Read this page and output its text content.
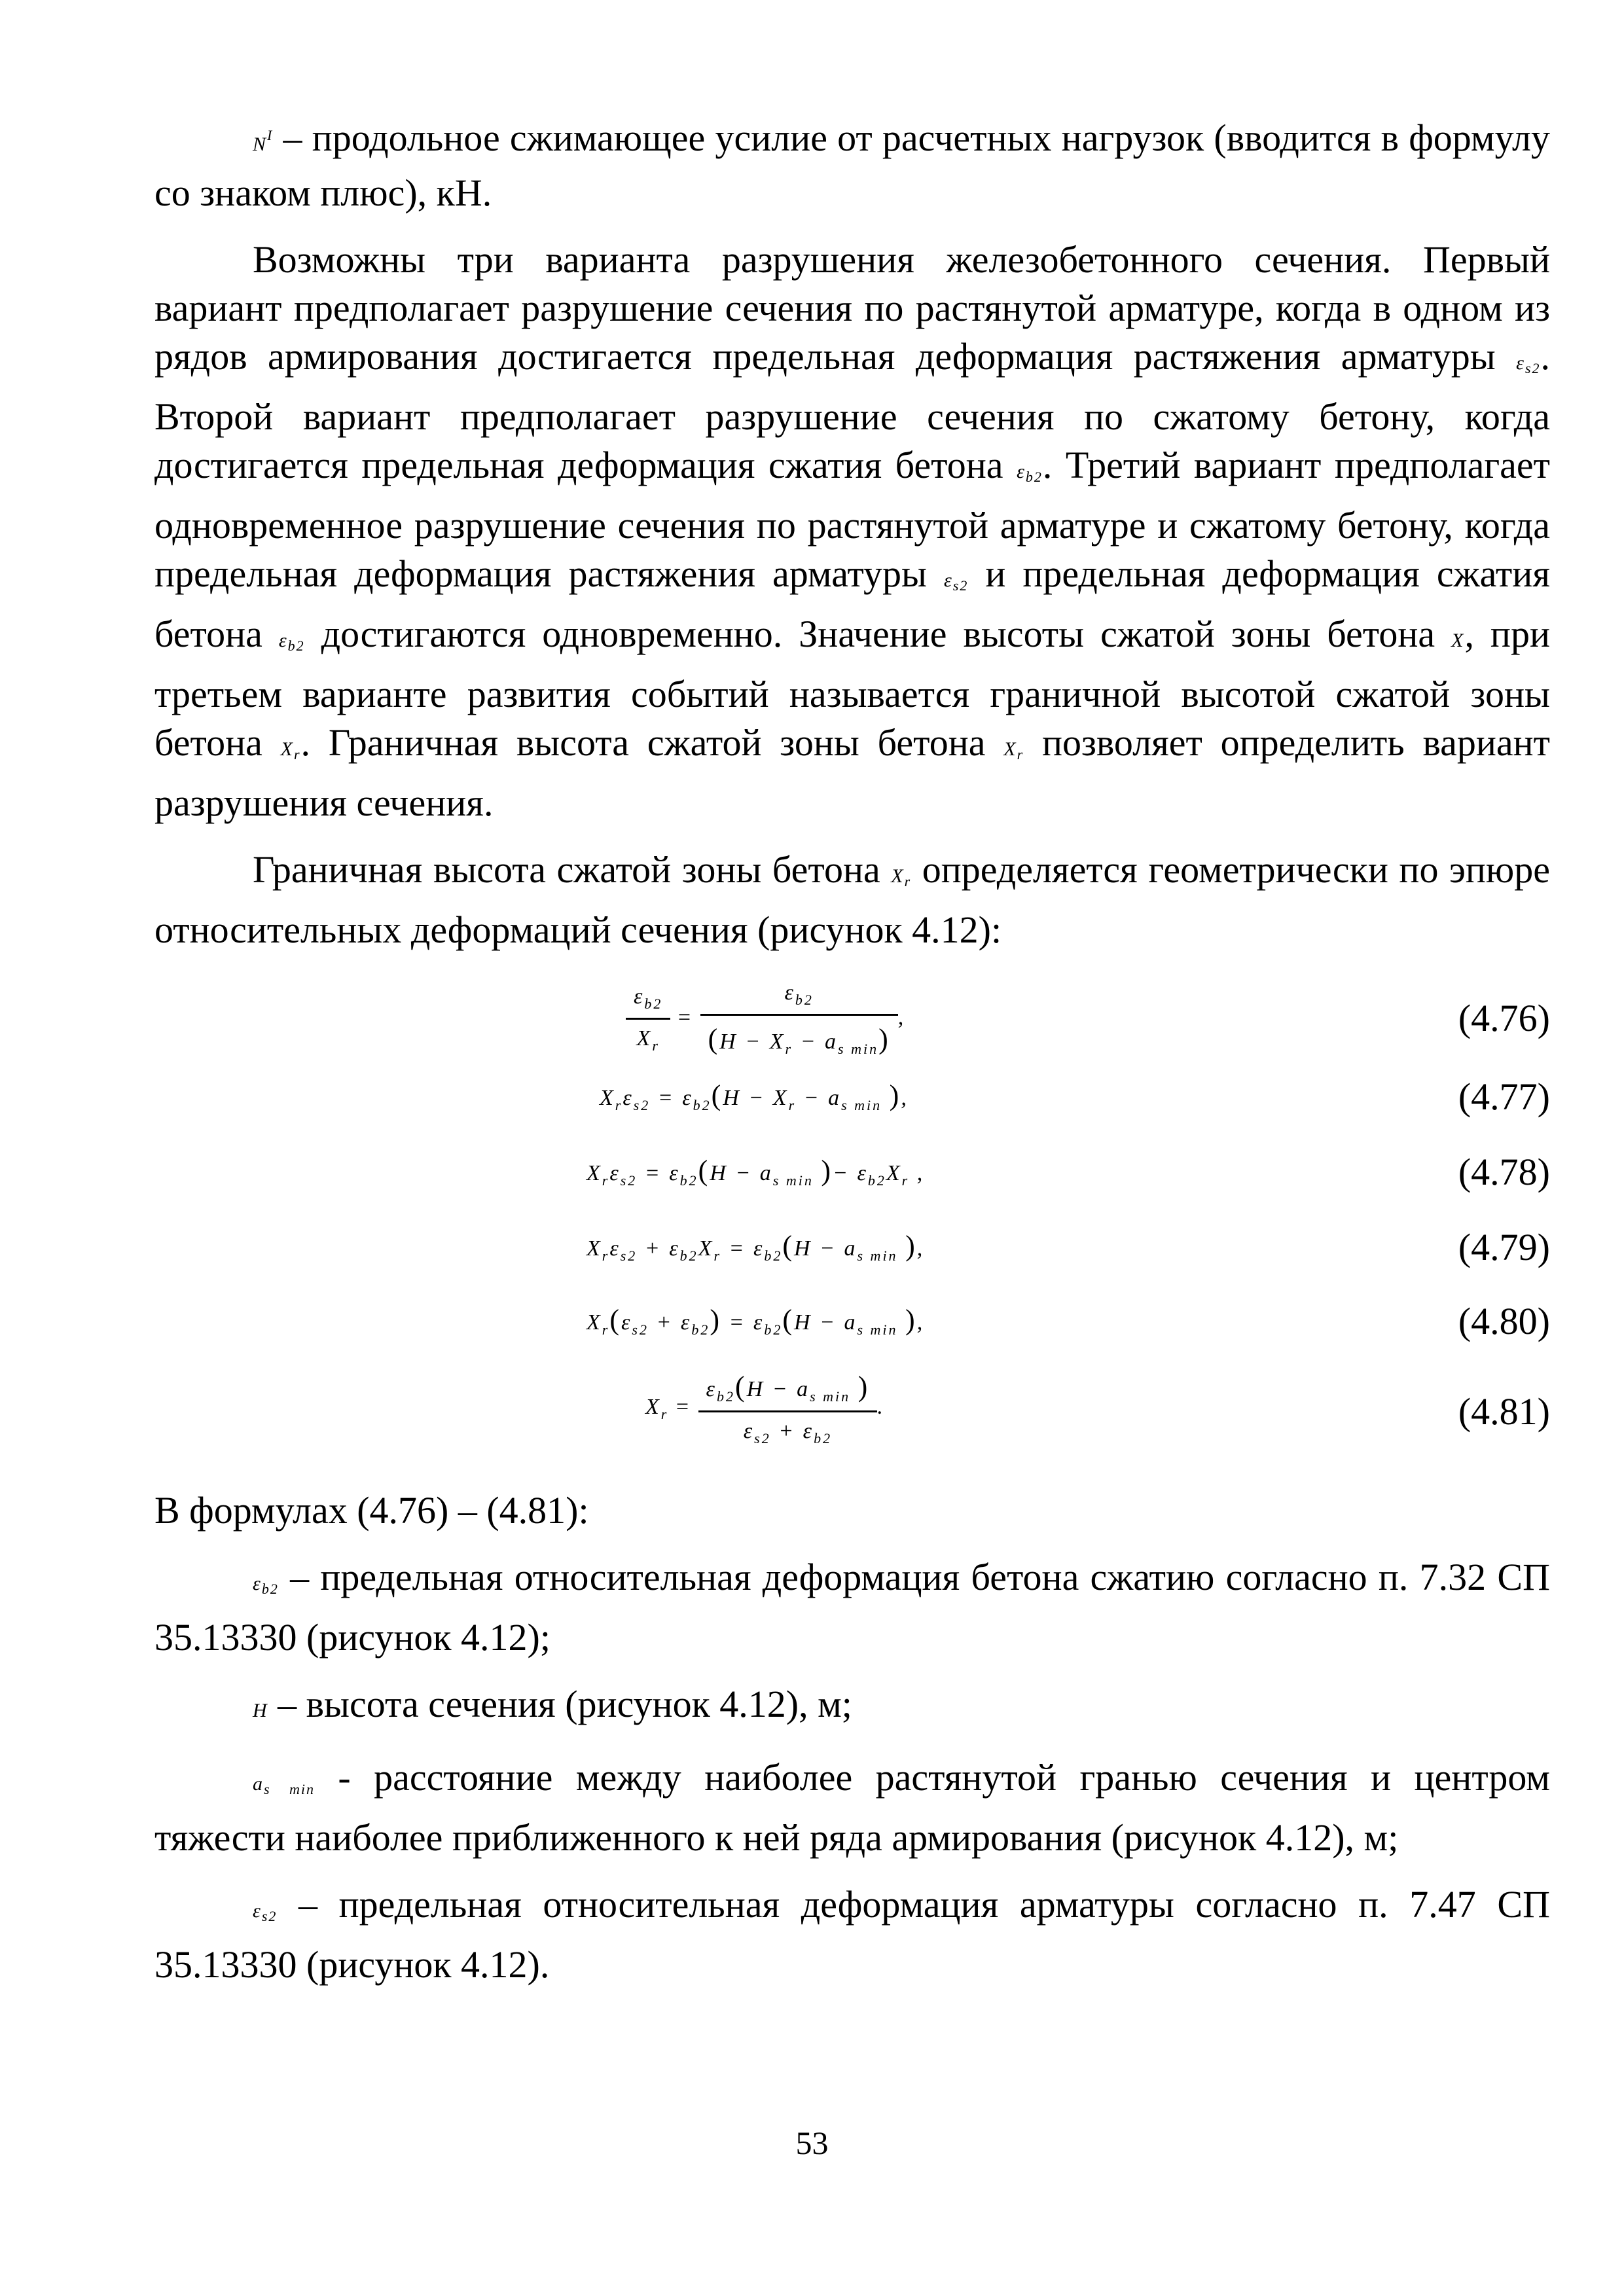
$N^I$ – продольное сжимающее усилие от расчетных нагрузок (вводится в формулу со знаком плюс), кН.

Возможны три варианта разрушения железобетонного сечения. Первый вариант предполагает разрушение сечения по растянутой арматуре, когда в одном из рядов армирования достигается предельная деформация растяжения арматуры $\varepsilon_{s2}$. Второй вариант предполагает разрушение сечения по сжатому бетону, когда достигается предельная деформация сжатия бетона $\varepsilon_{b2}$. Третий вариант предполагает одновременное разрушение сечения по растянутой арматуре и сжатому бетону, когда предельная деформация растяжения арматуры $\varepsilon_{s2}$ и предельная деформация сжатия бетона $\varepsilon_{b2}$ достигаются одновременно. Значение высоты сжатой зоны бетона X, при третьем варианте развития событий называется граничной высотой сжатой зоны бетона $X_r$. Граничная высота сжатой зоны бетона $X_r$ позволяет определить вариант разрушения сечения.

Граничная высота сжатой зоны бетона $X_r$ определяется геометрически по эпюре относительных деформаций сечения (рисунок 4.12):

$\frac{\varepsilon_{b2}}{X_r} = \frac{\varepsilon_{b2}}{(H - X_r - a_{s min})}$ ,	(4.76)
$X_r\varepsilon_{s2} = \varepsilon_{b2}(H - X_r - a_{s min}$ ),	(4.77)
$X_r\varepsilon_{s2} = \varepsilon_{b2}(H - a_{s min}$ )− $\varepsilon_{b2}X_r$ ,	(4.78)
$X_r\varepsilon_{s2} + \varepsilon_{b2}X_r = \varepsilon_{b2}(H - a_{s min}$ ),	(4.79)
$X_r(\varepsilon_{s2} + \varepsilon_{b2}) = \varepsilon_{b2}(H - a_{s min}$ ),	(4.80)
$X_r = \frac{\varepsilon_{b2}(H - a_{s min} )}{\varepsilon_{s2} + \varepsilon_{b2}}$ .	(4.81)

В формулах (4.76) – (4.81):

$\varepsilon_{b2}$ – предельная относительная деформация бетона сжатию согласно п. 7.32 СП 35.13330 (рисунок 4.12);

H – высота сечения (рисунок 4.12), м;

$a_{s min}$ - расстояние между наиболее растянутой гранью сечения и центром тяжести наиболее приближенного к ней ряда армирования (рисунок 4.12), м;

$\varepsilon_{s2}$ – предельная относительная деформация арматуры согласно п. 7.47 СП 35.13330 (рисунок 4.12).

53
